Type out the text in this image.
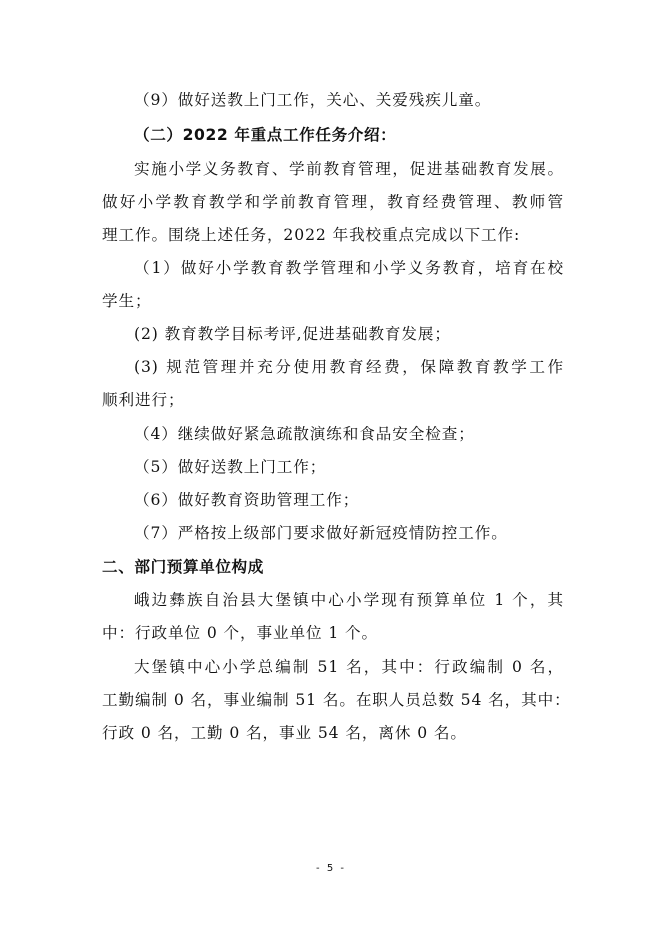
（9）做好送教上门工作，关心、关爱残疾儿童。
（二）2022 年重点工作任务介绍：
实施小学义务教育、学前教育管理，促进基础教育发展。
做好小学教育教学和学前教育管理，教育经费管理、教师管
理工作。围绕上述任务，2022 年我校重点完成以下工作:
（1）做好小学教育教学管理和小学义务教育，培育在校
学生；
(2) 教育教学目标考评,促进基础教育发展；
(3) 规范管理并充分使用教育经费，保障教育教学工作
顺利进行；
（4）继续做好紧急疏散演练和食品安全检查；
（5）做好送教上门工作；
（6）做好教育资助管理工作；
（7）严格按上级部门要求做好新冠疫情防控工作。
二、部门预算单位构成
峨边彝族自治县大堡镇中心小学现有预算单位 1 个，其
中：行政单位 0 个，事业单位 1 个。
大堡镇中心小学总编制 51 名，其中：行政编制 0 名，
工勤编制 0 名，事业编制 51 名。在职人员总数 54 名，其中：
行政 0 名，工勤 0 名，事业 54 名，离休 0 名。
- 5 -
